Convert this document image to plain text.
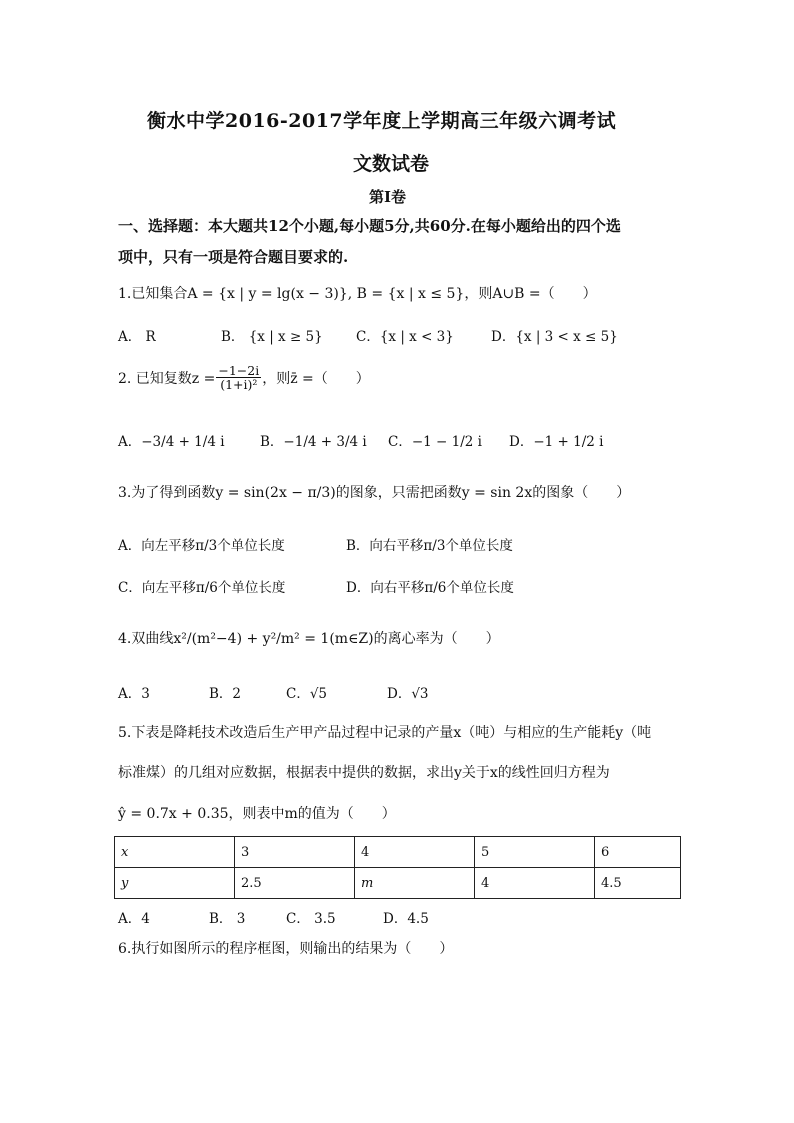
衡水中学2016-2017学年度上学期高三年级六调考试
文数试卷
第Ⅰ卷
一、选择题：本大题共12个小题,每小题5分,共60分.在每小题给出的四个选
项中，只有一项是符合题目要求的.
1.已知集合A = {x | y = lg(x − 3)}, B = {x | x ≤ 5}，则A∪B =（　　）
A． R	B． {x | x ≥ 5} C．{x | x < 3}	D．{x | 3 < x ≤ 5}
2. 已知复数$z = \frac{-1-2i}{\text{(1+i)²}}$ ，则z̄ =（　　）
A．−3/4 + 1/4 i	B．−1/4 + 3/4 i C．−1 − 1/2 i D．−1 + 1/2 i
3.为了得到函数y = sin(2x − π/3)的图象，只需把函数y = sin 2x的图象（　　）
A．向左平移π/3个单位长度	B．向右平移π/3个单位长度
C．向左平移π/6个单位长度	D．向右平移π/6个单位长度
4.双曲线x²/(m²−4) + y²/m² = 1(m∈Z)的离心率为（　　）
A．3	B．2	C．√5	D．√3
5.下表是降耗技术改造后生产甲产品过程中记录的产量x（吨）与相应的生产能耗y（吨
标准煤）的几组对应数据，根据表中提供的数据，求出y关于x的线性回归方程为
ŷ = 0.7x + 0.35，则表中m的值为（　　）
x	3	4	5	6
y	2.5	m	4	4.5
A．4	B． 3	C． 3.5	D．4.5
6.执行如图所示的程序框图，则输出的结果为（　　）
